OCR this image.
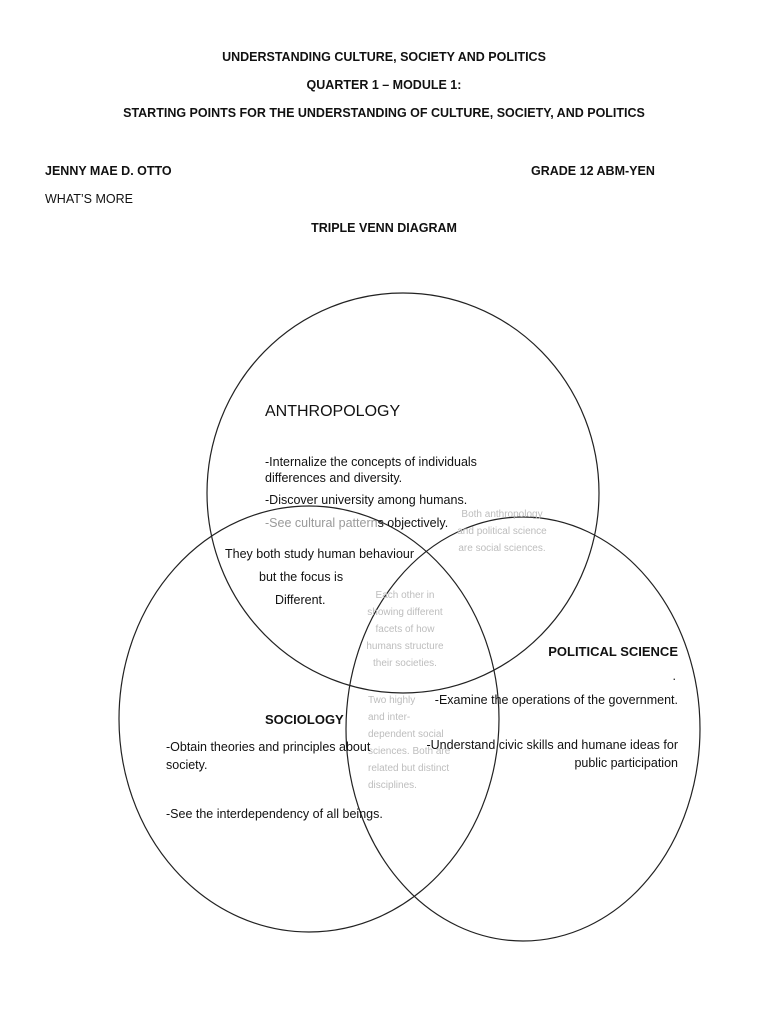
UNDERSTANDING CULTURE, SOCIETY AND POLITICS
QUARTER 1 – MODULE 1:
STARTING POINTS FOR THE UNDERSTANDING OF CULTURE, SOCIETY, AND POLITICS
JENNY MAE D. OTTO	GRADE 12 ABM-YEN
WHAT’S MORE
TRIPLE VENN DIAGRAM
ANTHROPOLOGY
-Internalize the concepts of individuals
differences and diversity.
-Discover university among humans.
-See cultural patterns objectively.
They both study human behaviour
but the focus is
Different.
Both anthropology
and political science
are social sciences.
Each other in
showing different
facets of how
humans structure
their societies.
Two highly
and inter-
dependent social
sciences. Both are
related but distinct
disciplines.
POLITICAL SCIENCE
.
-Examine the operations of the government.
-Understand civic skills and humane ideas for
public participation
SOCIOLOGY
-Obtain theories and principles about
society.
-See the interdependency of all beings.
